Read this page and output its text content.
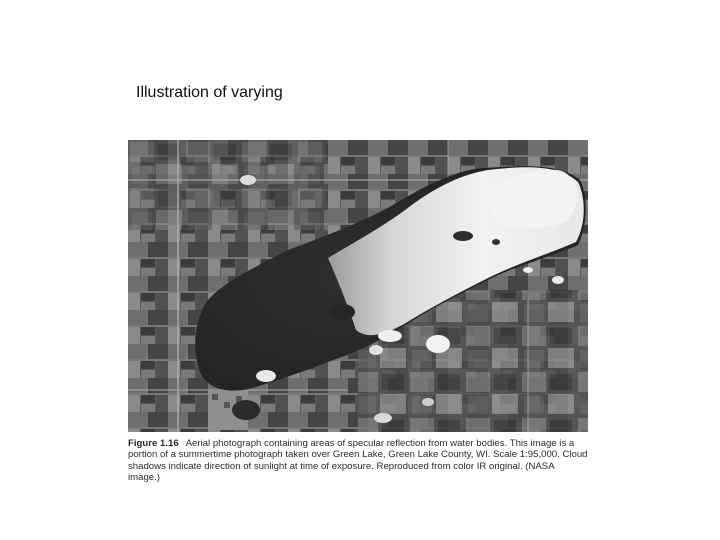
Illustration of varying
Figure 1.16 Aerial photograph containing areas of specular reflection from water bodies. This image is a portion of a summertime photograph taken over Green Lake, Green Lake County, WI. Scale 1:95,000. Cloud shadows indicate direction of sunlight at time of exposure. Reproduced from color IR original. (NASA image.)
